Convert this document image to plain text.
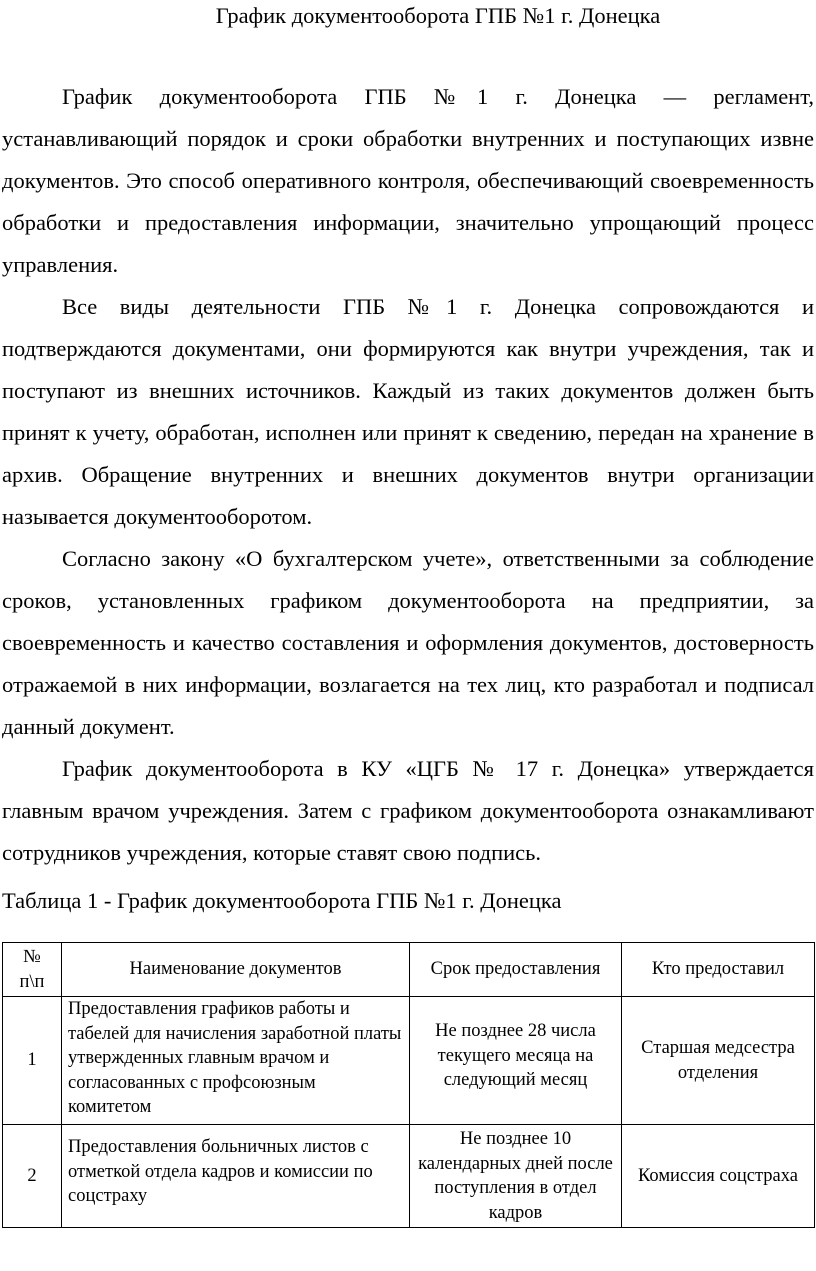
График документооборота ГПБ №1 г. Донецка

График документооборота ГПБ №1 г. Донецка — регламент, устанавливающий порядок и сроки обработки внутренних и поступающих извне документов. Это способ оперативного контроля, обеспечивающий своевременность обработки и предоставления информации, значительно упрощающий процесс управления.

Все виды деятельности ГПБ №1 г. Донецка сопровождаются и подтверждаются документами, они формируются как внутри учреждения, так и поступают из внешних источников. Каждый из таких документов должен быть принят к учету, обработан, исполнен или принят к сведению, передан на хранение в архив. Обращение внутренних и внешних документов внутри организации называется документооборотом.

Согласно закону «О бухгалтерском учете», ответственными за соблюдение сроков, установленных графиком документооборота на предприятии, за своевременность и качество составления и оформления документов, достоверность отражаемой в них информации, возлагается на тех лиц, кто разработал и подписал данный документ.

График документооборота в КУ «ЦГБ № 17 г. Донецка» утверждается главным врачом учреждения. Затем с графиком документооборота ознакамливают сотрудников учреждения, которые ставят свою подпись.

Таблица 1 - График документооборота ГПБ №1 г. Донецка
№ п\п	Наименование документов	Срок предоставления	Кто предоставил
1	Предоставления графиков работы и табелей для начисления заработной платы утвержденных главным врачом и согласованных с профсоюзным комитетом	Не позднее 28 числа текущего месяца на следующий месяц	Старшая медсестра отделения
2	Предоставления больничных листов с отметкой отдела кадров и комиссии по соцстраху	Не позднее 10 календарных дней после поступления в отдел кадров	Комиссия соцстраха
